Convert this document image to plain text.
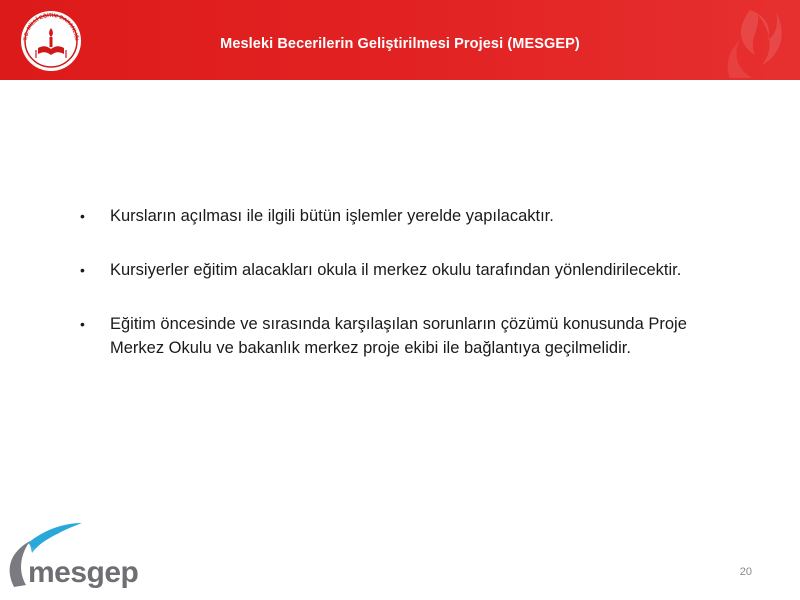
T.C. MİLLÎ EĞİTİM BAKANLIĞI	Mesleki Becerilerin Geliştirilmesi Projesi (MESGEP)
• Kursların açılması ile ilgili bütün işlemler yerelde yapılacaktır.
• Kursiyerler eğitim alacakları okula il merkez okulu tarafından yönlendirilecektir.
• Eğitim öncesinde ve sırasında karşılaşılan sorunların çözümü konusunda Proje Merkez Okulu ve bakanlık merkez proje ekibi ile bağlantıya geçilmelidir.
mesgep	20
